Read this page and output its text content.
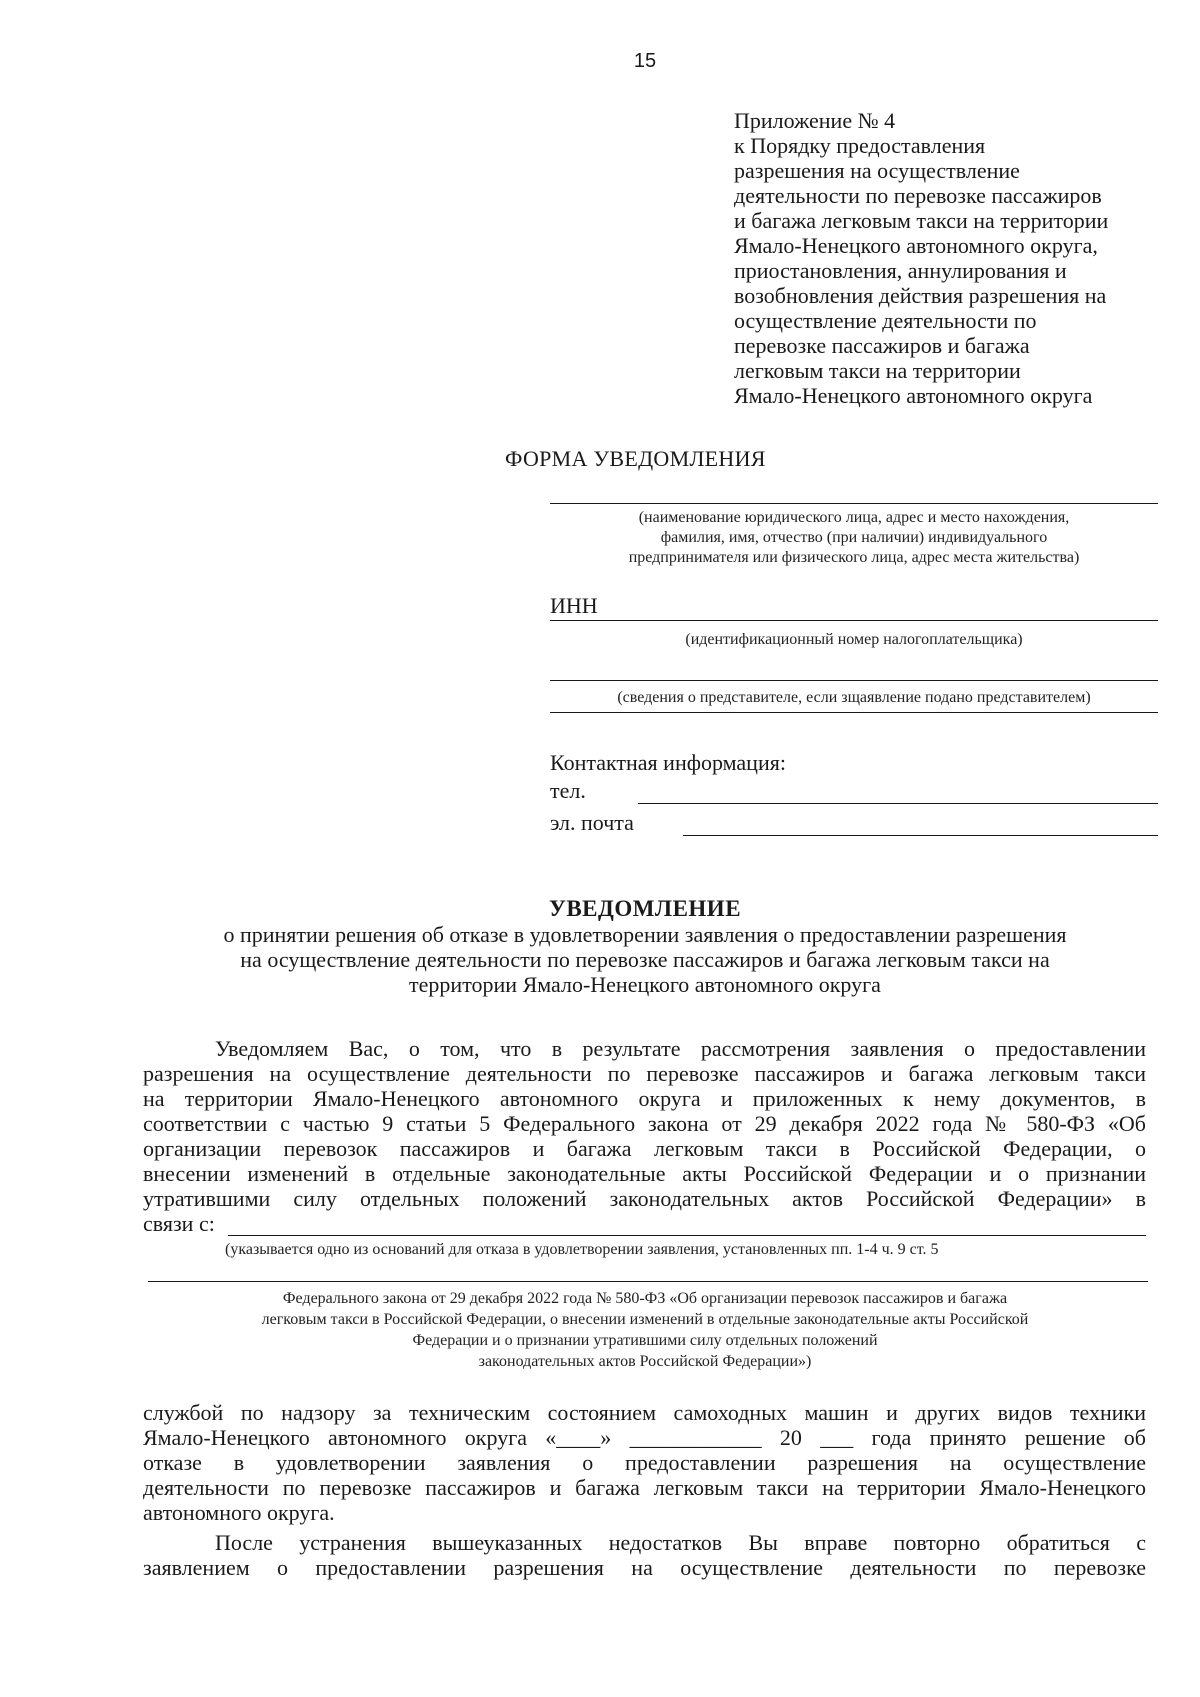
15
Приложение № 4
к Порядку предоставления
разрешения на осуществление
деятельности по перевозке пассажиров
и багажа легковым такси на территории
Ямало-Ненецкого автономного округа,
приостановления, аннулирования и
возобновления действия разрешения на
осуществление деятельности по
перевозке пассажиров и багажа
легковым такси на территории
Ямало-Ненецкого автономного округа
ФОРМА УВЕДОМЛЕНИЯ
(наименование юридического лица, адрес и место нахождения,
фамилия, имя, отчество (при наличии) индивидуального
предпринимателя или физического лица, адрес места жительства)
ИНН
(идентификационный номер налогоплательщика)
(сведения о представителе, если зщаявление подано представителем)
Контактная информация:
тел.
эл. почта
УВЕДОМЛЕНИЕ
о принятии решения об отказе в удовлетворении заявления о предоставлении разрешения
на осуществление деятельности по перевозке пассажиров и багажа легковым такси на
территории Ямало-Ненецкого автономного округа
Уведомляем Вас, о том, что в результате рассмотрения заявления о предоставлении
разрешения на осуществление деятельности по перевозке пассажиров и багажа легковым такси
на территории Ямало-Ненецкого автономного округа и приложенных к нему документов, в
соответствии с частью 9 статьи 5 Федерального закона от 29 декабря 2022 года № 580-ФЗ «Об
организации перевозок пассажиров и багажа легковым такси в Российской Федерации, о
внесении изменений в отдельные законодательные акты Российской Федерации и о признании
утратившими силу отдельных положений законодательных актов Российской Федерации» в
связи с:
(указывается одно из оснований для отказа в удовлетворении заявления, установленных пп. 1-4 ч. 9 ст. 5
Федерального закона от 29 декабря 2022 года № 580-ФЗ «Об организации перевозок пассажиров и багажа
легковым такси в Российской Федерации, о внесении изменений в отдельные законодательные акты Российской
Федерации и о признании утратившими силу отдельных положений
законодательных актов Российской Федерации»)
службой по надзору за техническим состоянием самоходных машин и других видов техники
Ямало-Ненецкого автономного округа «____» ____________ 20 ___ года принято решение об
отказе в удовлетворении заявления о предоставлении разрешения на осуществление
деятельности по перевозке пассажиров и багажа легковым такси на территории Ямало-Ненецкого
автономного округа.
После устранения вышеуказанных недостатков Вы вправе повторно обратиться с
заявлением о предоставлении разрешения на осуществление деятельности по перевозке
